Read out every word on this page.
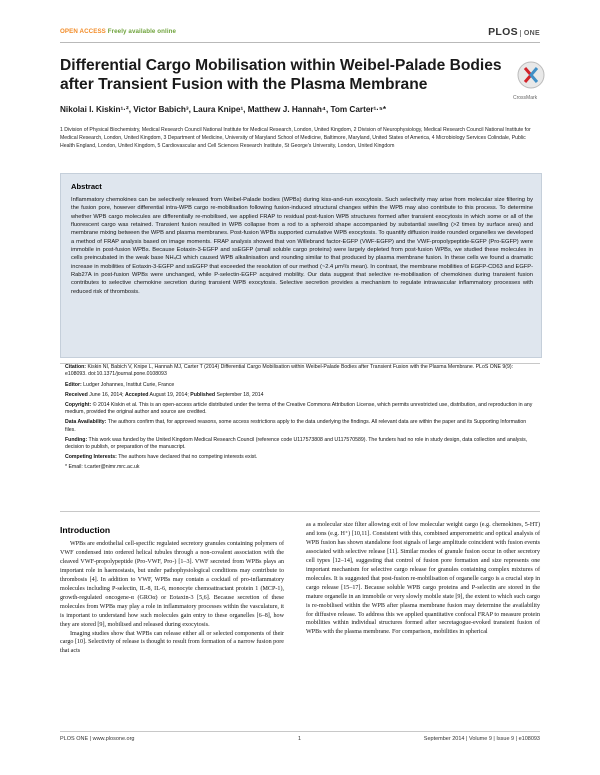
OPEN ACCESS Freely available online	PLOS ONE
Differential Cargo Mobilisation within Weibel-Palade Bodies after Transient Fusion with the Plasma Membrane
CrossMark
Nikolai I. Kiskin¹·², Victor Babich³, Laura Knipe¹, Matthew J. Hannah⁴, Tom Carter¹·⁵*
1 Division of Physical Biochemistry, Medical Research Council National Institute for Medical Research, London, United Kingdom, 2 Division of Neurophysiology, Medical Research Council National Institute for Medical Research, London, United Kingdom, 3 Department of Medicine, University of Maryland School of Medicine, Baltimore, Maryland, United States of America, 4 Microbiology Services Colindale, Public Health England, London, United Kingdom, 5 Cardiovascular and Cell Sciences Research Institute, St George's University, London, United Kingdom
Abstract
Inflammatory chemokines can be selectively released from Weibel-Palade bodies (WPBs) during kiss-and-run exocytosis. Such selectivity may arise from molecular size filtering by the fusion pore, however differential intra-WPB cargo re-mobilisation following fusion-induced structural changes within the WPB may also contribute to this process. To determine whether WPB cargo molecules are differentially re-mobilised, we applied FRAP to residual post-fusion WPB structures formed after transient exocytosis in which some or all of the fluorescent cargo was retained. Transient fusion resulted in WPB collapse from a rod to a spheroid shape accompanied by substantial swelling (>2 times by surface area) and membrane mixing between the WPB and plasma membranes. Post-fusion WPBs supported cumulative WPB exocytosis. To quantify diffusion inside rounded organelles we developed a method of FRAP analysis based on image moments. FRAP analysis showed that von Willebrand factor-EGFP (VWF-EGFP) and the VWF-propolypeptide-EGFP (Pro-EGFP) were immobile in post-fusion WPBs. Because Eotaxin-3-EGFP and ssEGFP (small soluble cargo proteins) were largely depleted from post-fusion WPBs, we studied these molecules in cells preincubated in the weak base NH₄Cl which caused WPB alkalinisation and rounding similar to that produced by plasma membrane fusion. In these cells we found a dramatic increase in mobilities of Eotaxin-3-EGFP and ssEGFP that exceeded the resolution of our method (~2.4 μm²/s mean). In contrast, the membrane mobilities of EGFP-CD63 and EGFP-Rab27A in post-fusion WPBs were unchanged, while P-selectin-EGFP acquired mobility. Our data suggest that selective re-mobilisation of chemokines during transient fusion contributes to selective chemokine secretion during transient WPB exocytosis. Selective secretion provides a mechanism to regulate intravascular inflammatory processes with reduced risk of thrombosis.

Citation: Kiskin NI, Babich V, Knipe L, Hannah MJ, Carter T (2014) Differential Cargo Mobilisation within Weibel-Palade Bodies after Transient Fusion with the Plasma Membrane. PLoS ONE 9(9): e108093. doi:10.1371/journal.pone.0108093

Editor: Ludger Johannes, Institut Curie, France

Received June 16, 2014; Accepted August 19, 2014; Published September 18, 2014

Copyright: © 2014 Kiskin et al. This is an open-access article distributed under the terms of the Creative Commons Attribution License, which permits unrestricted use, distribution, and reproduction in any medium, provided the original author and source are credited.

Data Availability: The authors confirm that, for approved reasons, some access restrictions apply to the data underlying the findings. All relevant data are within the paper and its Supporting Information files.

Funding: This work was funded by the United Kingdom Medical Research Council (reference code U117573808 and U117570589). The funders had no role in study design, data collection and analysis, decision to publish, or preparation of the manuscript.

Competing Interests: The authors have declared that no competing interests exist.

* Email: t.carter@nimr.mrc.ac.uk

Introduction

WPBs are endothelial cell-specific regulated secretory granules containing polymers of VWF condensed into ordered helical tubules through a non-covalent association with the cleaved VWF-propolypeptide (Pro-VWF, Pro-) [1–3]. VWF secreted from WPBs plays an important role in haemostasis, but under pathophysiological conditions may contribute to thrombosis [4]. In addition to VWF, WPBs may contain a cocktail of pro-inflammatory molecules including P-selectin, IL-8, IL-6, monocyte chemoattractant protein 1 (MCP-1), growth-regulated oncogene-α (GROα) or Eotaxin-3 [5,6]. Because secretion of these molecules from WPBs may play a role in inflammatory processes within the vasculature, it is important to understand how such molecules gain entry to these organelles [6–8], how they are stored [9], mobilised and released during exocytosis.

Imaging studies show that WPBs can release either all or selected components of their cargo [10]. Selectivity of release is thought to result from formation of a narrow fusion pore that acts

as a molecular size filter allowing exit of low molecular weight cargo (e.g. chemokines, 5-HT) and ions (e.g. H⁺) [10,11]. Consistent with this, combined amperometric and optical analysis of WPB fusion has shown standalone foot signals of large amplitude coincident with fusion events associated with selective release [11]. Similar modes of granule fusion occur in other secretory cell types [12–14], suggesting that control of fusion pore formation and size represents one important mechanism for selective cargo release for granules containing complex mixtures of molecules. It is suggested that post-fusion re-mobilisation of organelle cargo is a crucial step in cargo release [15–17]. Because soluble WPB cargo proteins and P-selectin are stored in the mature organelle in an immobile or very slowly mobile state [9], the extent to which such cargo is re-mobilised within the WPB after plasma membrane fusion may determine the availability for diffusive release. To address this we applied quantitative confocal FRAP to measure protein mobilities within individual structures formed after secretagogue-evoked transient fusion of WPBs with the plasma membrane. For comparison, mobilities in spherical

PLOS ONE | www.plosone.org	1	September 2014 | Volume 9 | Issue 9 | e108093
